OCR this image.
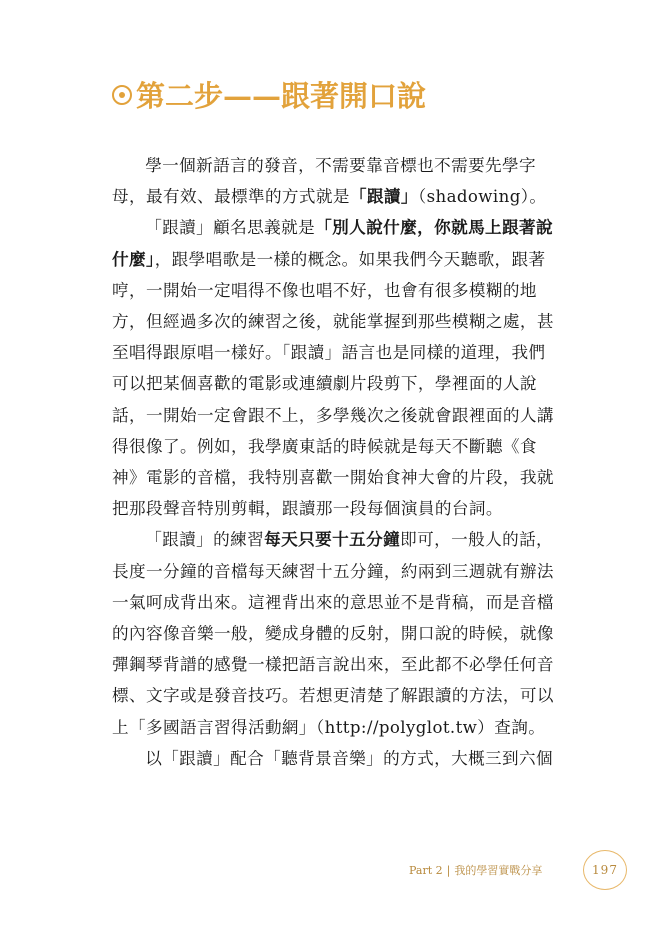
第二步——跟著開口說

學一個新語言的發音，不需要靠音標也不需要先學字母，最有效、最標準的方式就是「跟讀」（shadowing）。

「跟讀」顧名思義就是「別人說什麼，你就馬上跟著說什麼」，跟學唱歌是一樣的概念。如果我們今天聽歌，跟著哼，一開始一定唱得不像也唱不好，也會有很多模糊的地方，但經過多次的練習之後，就能掌握到那些模糊之處，甚至唱得跟原唱一樣好。「跟讀」語言也是同樣的道理，我們可以把某個喜歡的電影或連續劇片段剪下，學裡面的人說話，一開始一定會跟不上，多學幾次之後就會跟裡面的人講得很像了。例如，我學廣東話的時候就是每天不斷聽《食神》電影的音檔，我特別喜歡一開始食神大會的片段，我就把那段聲音特別剪輯，跟讀那一段每個演員的台詞。

「跟讀」的練習每天只要十五分鐘即可，一般人的話，長度一分鐘的音檔每天練習十五分鐘，約兩到三週就有辦法一氣呵成背出來。這裡背出來的意思並不是背稿，而是音檔的內容像音樂一般，變成身體的反射，開口說的時候，就像彈鋼琴背譜的感覺一樣把語言說出來，至此都不必學任何音標、文字或是發音技巧。若想更清楚了解跟讀的方法，可以上「多國語言習得活動網」（http://polyglot.tw）查詢。

以「跟讀」配合「聽背景音樂」的方式，大概三到六個

Part 2 | 我的學習實戰分享	197
